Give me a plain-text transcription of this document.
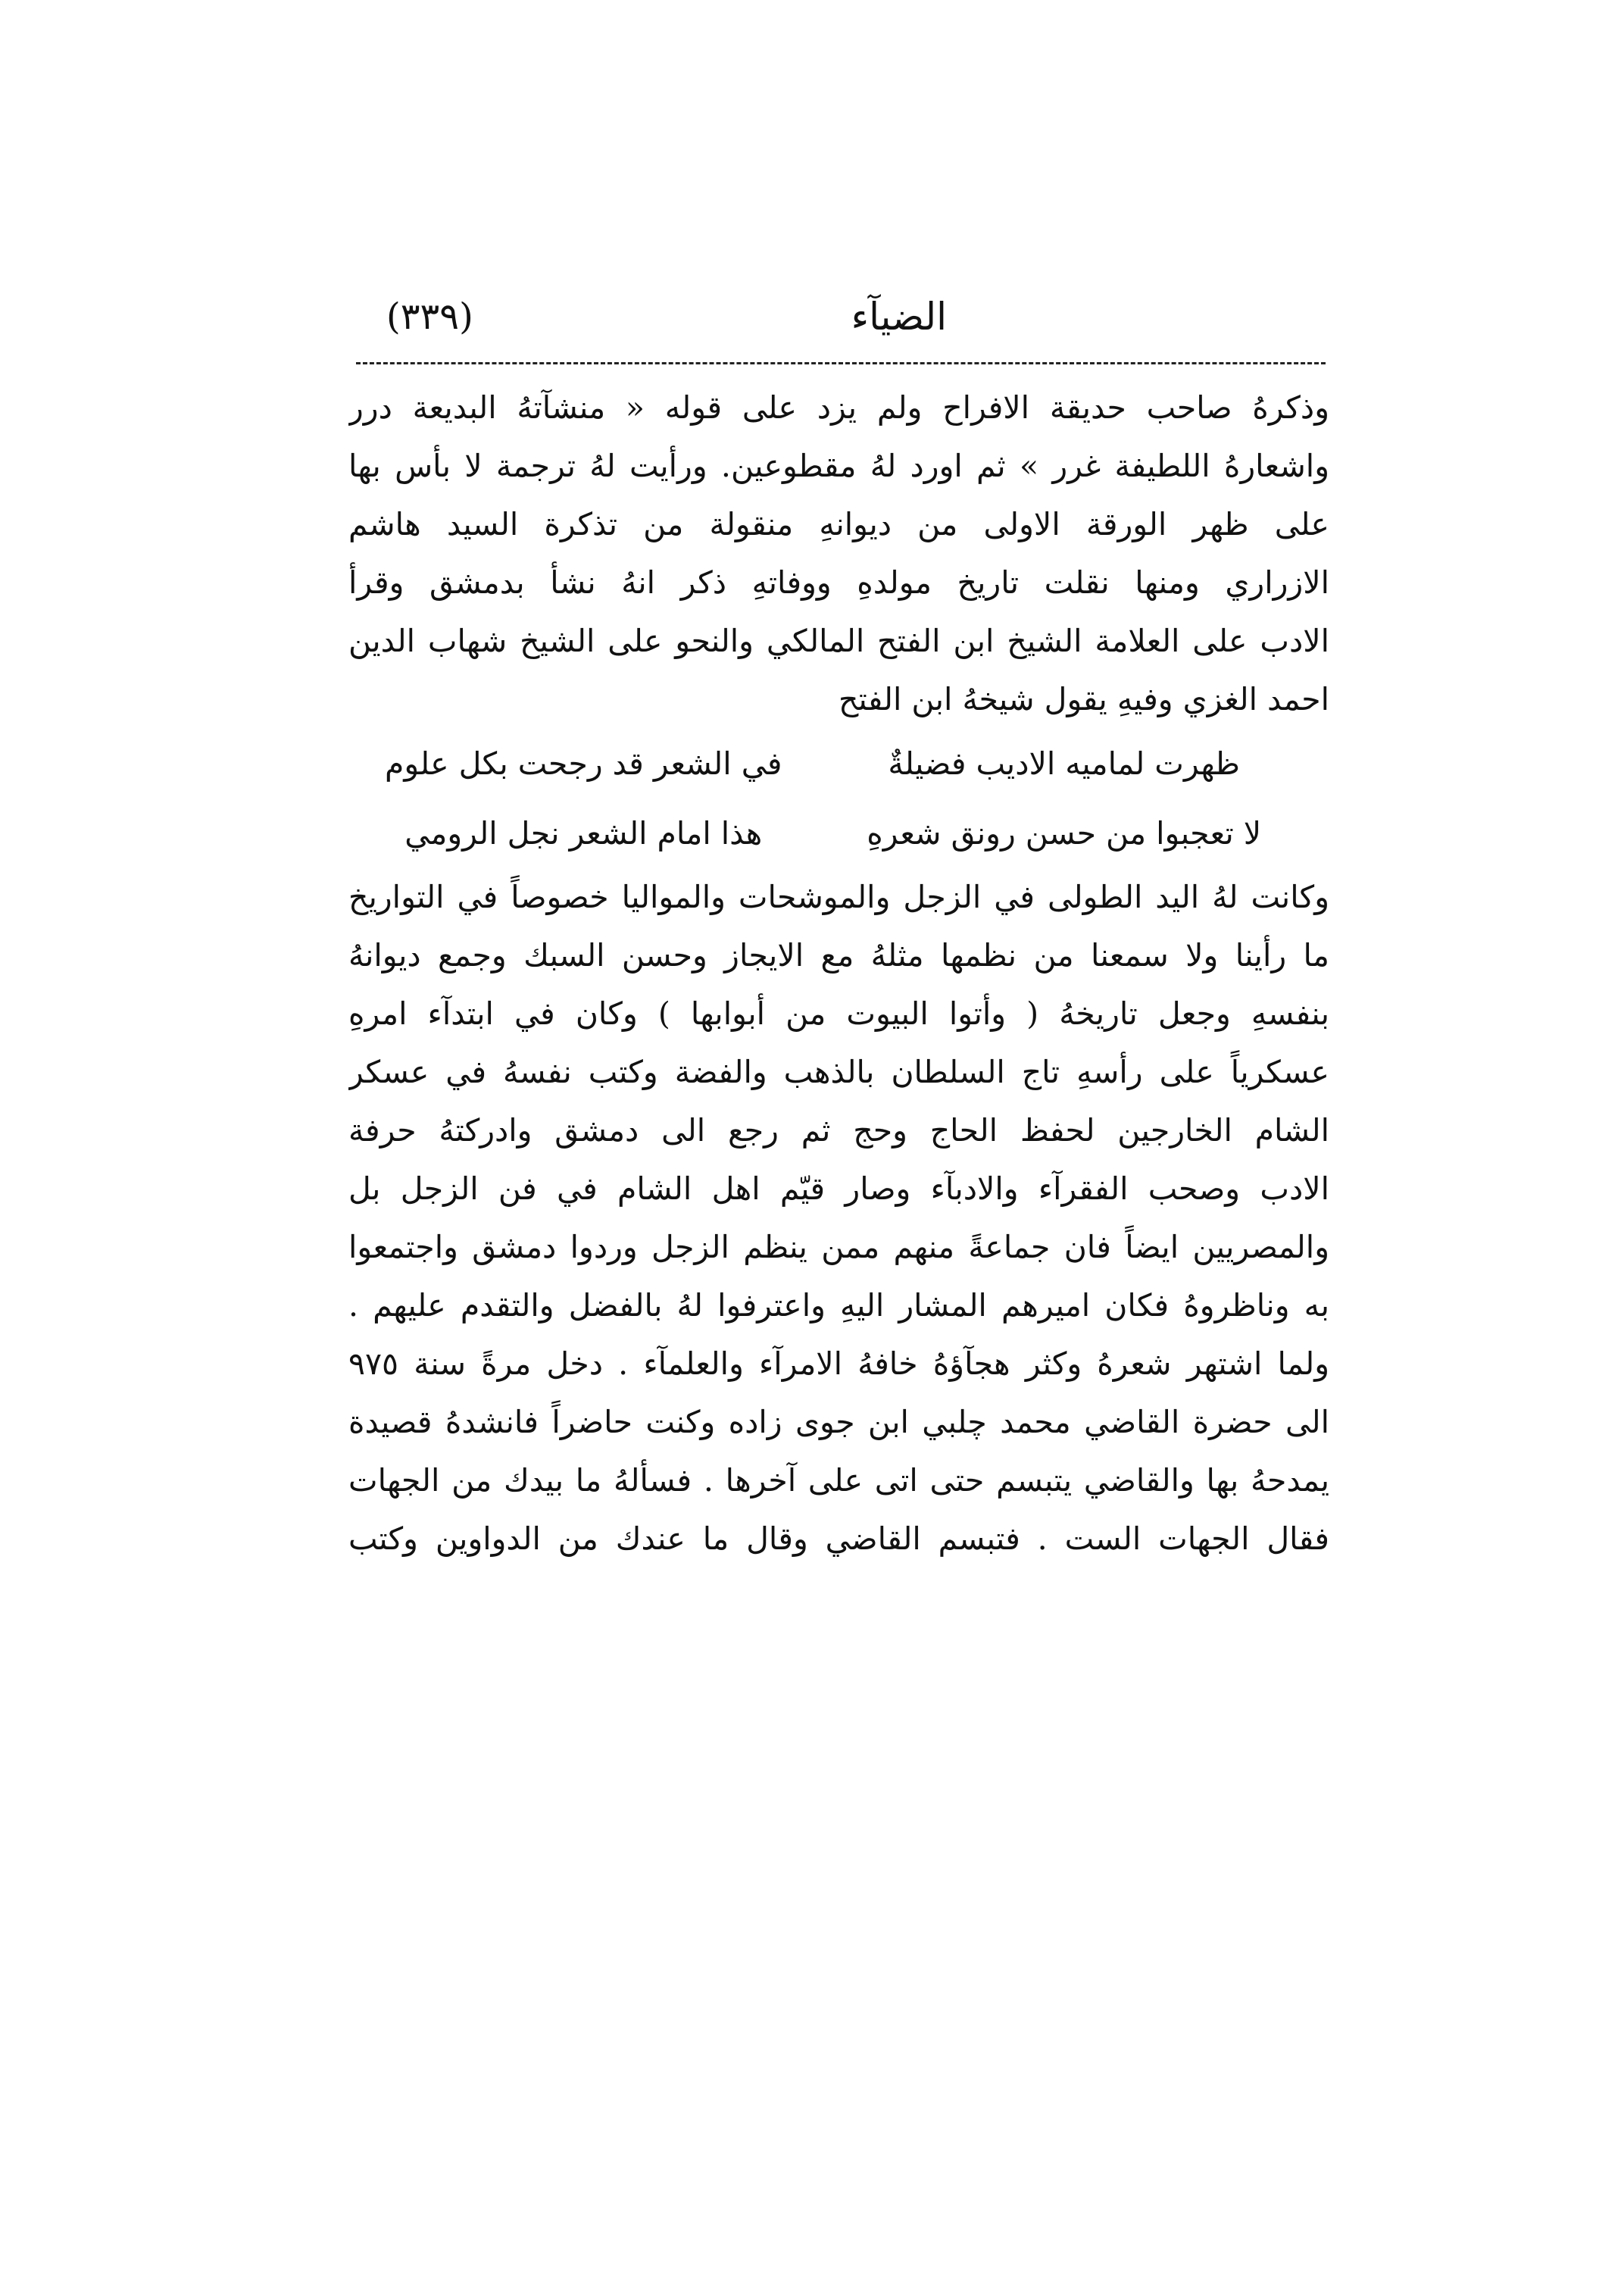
الضيآء
(٣٣٩)
وذكرهُ صاحب حديقة الافراح ولم يزد على قوله « منشآتهُ البديعة درر
واشعارهُ اللطيفة غرر » ثم اورد لهُ مقطوعين. ورأيت لهُ ترجمة لا بأس بها
على ظهر الورقة الاولى من ديوانهِ منقولة من تذكرة السيد هاشم
الازراري ومنها نقلت تاريخ مولدهِ ووفاتهِ ذكر انهُ نشأ بدمشق وقرأ
الادب على العلامة الشيخ ابن الفتح المالكي والنحو على الشيخ شهاب الدين
احمد الغزي وفيهِ يقول شيخهُ ابن الفتح
ظهرت لماميه الاديب فضيلةٌ
في الشعر قد رجحت بكل علوم
لا تعجبوا من حسن رونق شعرهِ
هذا امام الشعر نجل الرومي
وكانت لهُ اليد الطولى في الزجل والموشحات والمواليا خصوصاً في التواريخ
ما رأينا ولا سمعنا من نظمها مثلهُ مع الايجاز وحسن السبك وجمع ديوانهُ
بنفسهِ وجعل تاريخهُ ( وأتوا البيوت من أبوابها ) وكان في ابتدآء امرهِ
عسكرياً على رأسهِ تاج السلطان بالذهب والفضة وكتب نفسهُ في عسكر
الشام الخارجين لحفظ الحاج وحج ثم رجع الى دمشق وادركتهُ حرفة
الادب وصحب الفقرآء والادبآء وصار قيّم اهل الشام في فن الزجل بل
والمصريين ايضاً فان جماعةً منهم ممن ينظم الزجل وردوا دمشق واجتمعوا
به وناظروهُ فكان اميرهم المشار اليهِ واعترفوا لهُ بالفضل والتقدم عليهم .
ولما اشتهر شعرهُ وكثر هجآؤهُ خافهُ الامرآء والعلمآء . دخل مرةً سنة ٩٧٥
الى حضرة القاضي محمد چلبي ابن جوى زاده وكنت حاضراً فانشدهُ قصيدة
يمدحهُ بها والقاضي يتبسم حتى اتى على آخرها . فسألهُ ما بيدك من الجهات
فقال الجهات الست . فتبسم القاضي وقال ما عندك من الدواوين وكتب
